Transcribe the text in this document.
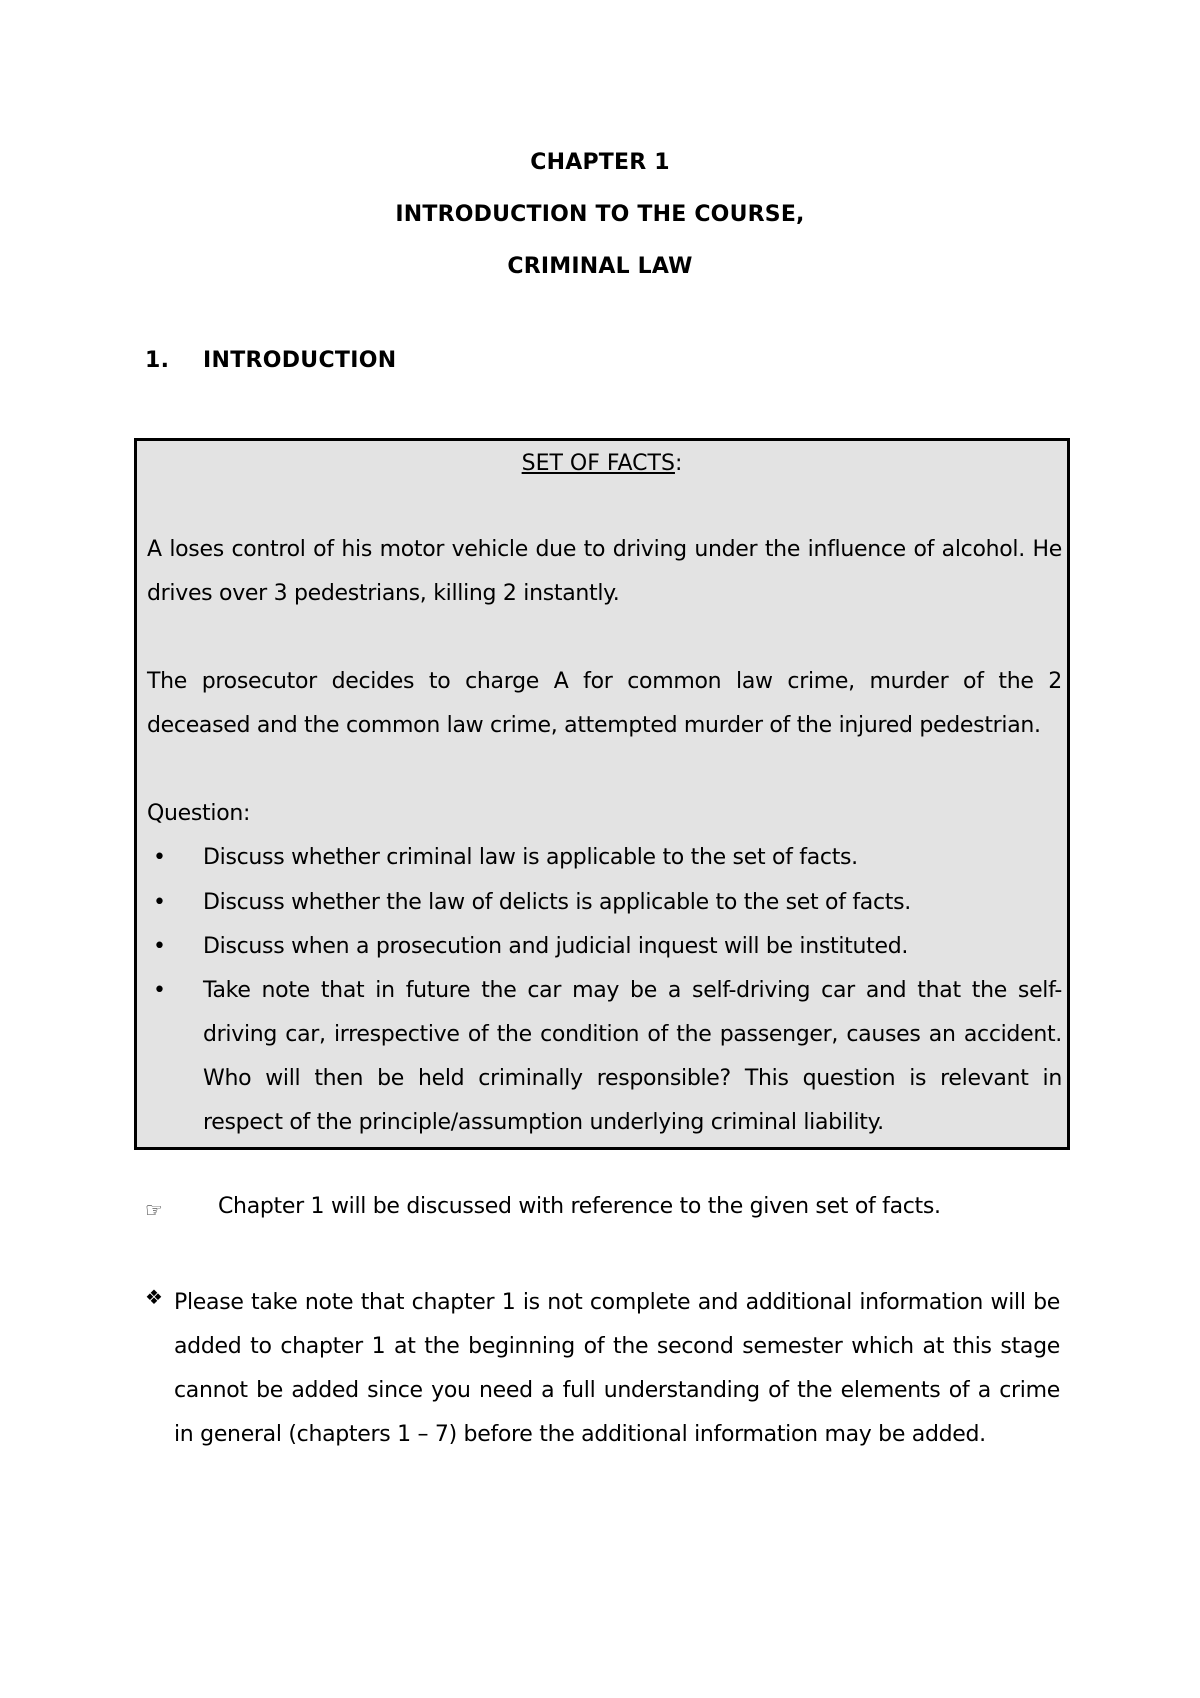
CHAPTER 1
INTRODUCTION TO THE COURSE,
CRIMINAL LAW
1. INTRODUCTION
SET OF FACTS:
A loses control of his motor vehicle due to driving under the influence of alcohol. He drives over 3 pedestrians, killing 2 instantly.
The prosecutor decides to charge A for common law crime, murder of the 2 deceased and the common law crime, attempted murder of the injured pedestrian.
Question:
• Discuss whether criminal law is applicable to the set of facts.
• Discuss whether the law of delicts is applicable to the set of facts.
• Discuss when a prosecution and judicial inquest will be instituted.
• Take note that in future the car may be a self-driving car and that the self-driving car, irrespective of the condition of the passenger, causes an accident. Who will then be held criminally responsible? This question is relevant in respect of the principle/assumption underlying criminal liability.
☞	Chapter 1 will be discussed with reference to the given set of facts.
❖ Please take note that chapter 1 is not complete and additional information will be added to chapter 1 at the beginning of the second semester which at this stage cannot be added since you need a full understanding of the elements of a crime in general (chapters 1 – 7) before the additional information may be added.
